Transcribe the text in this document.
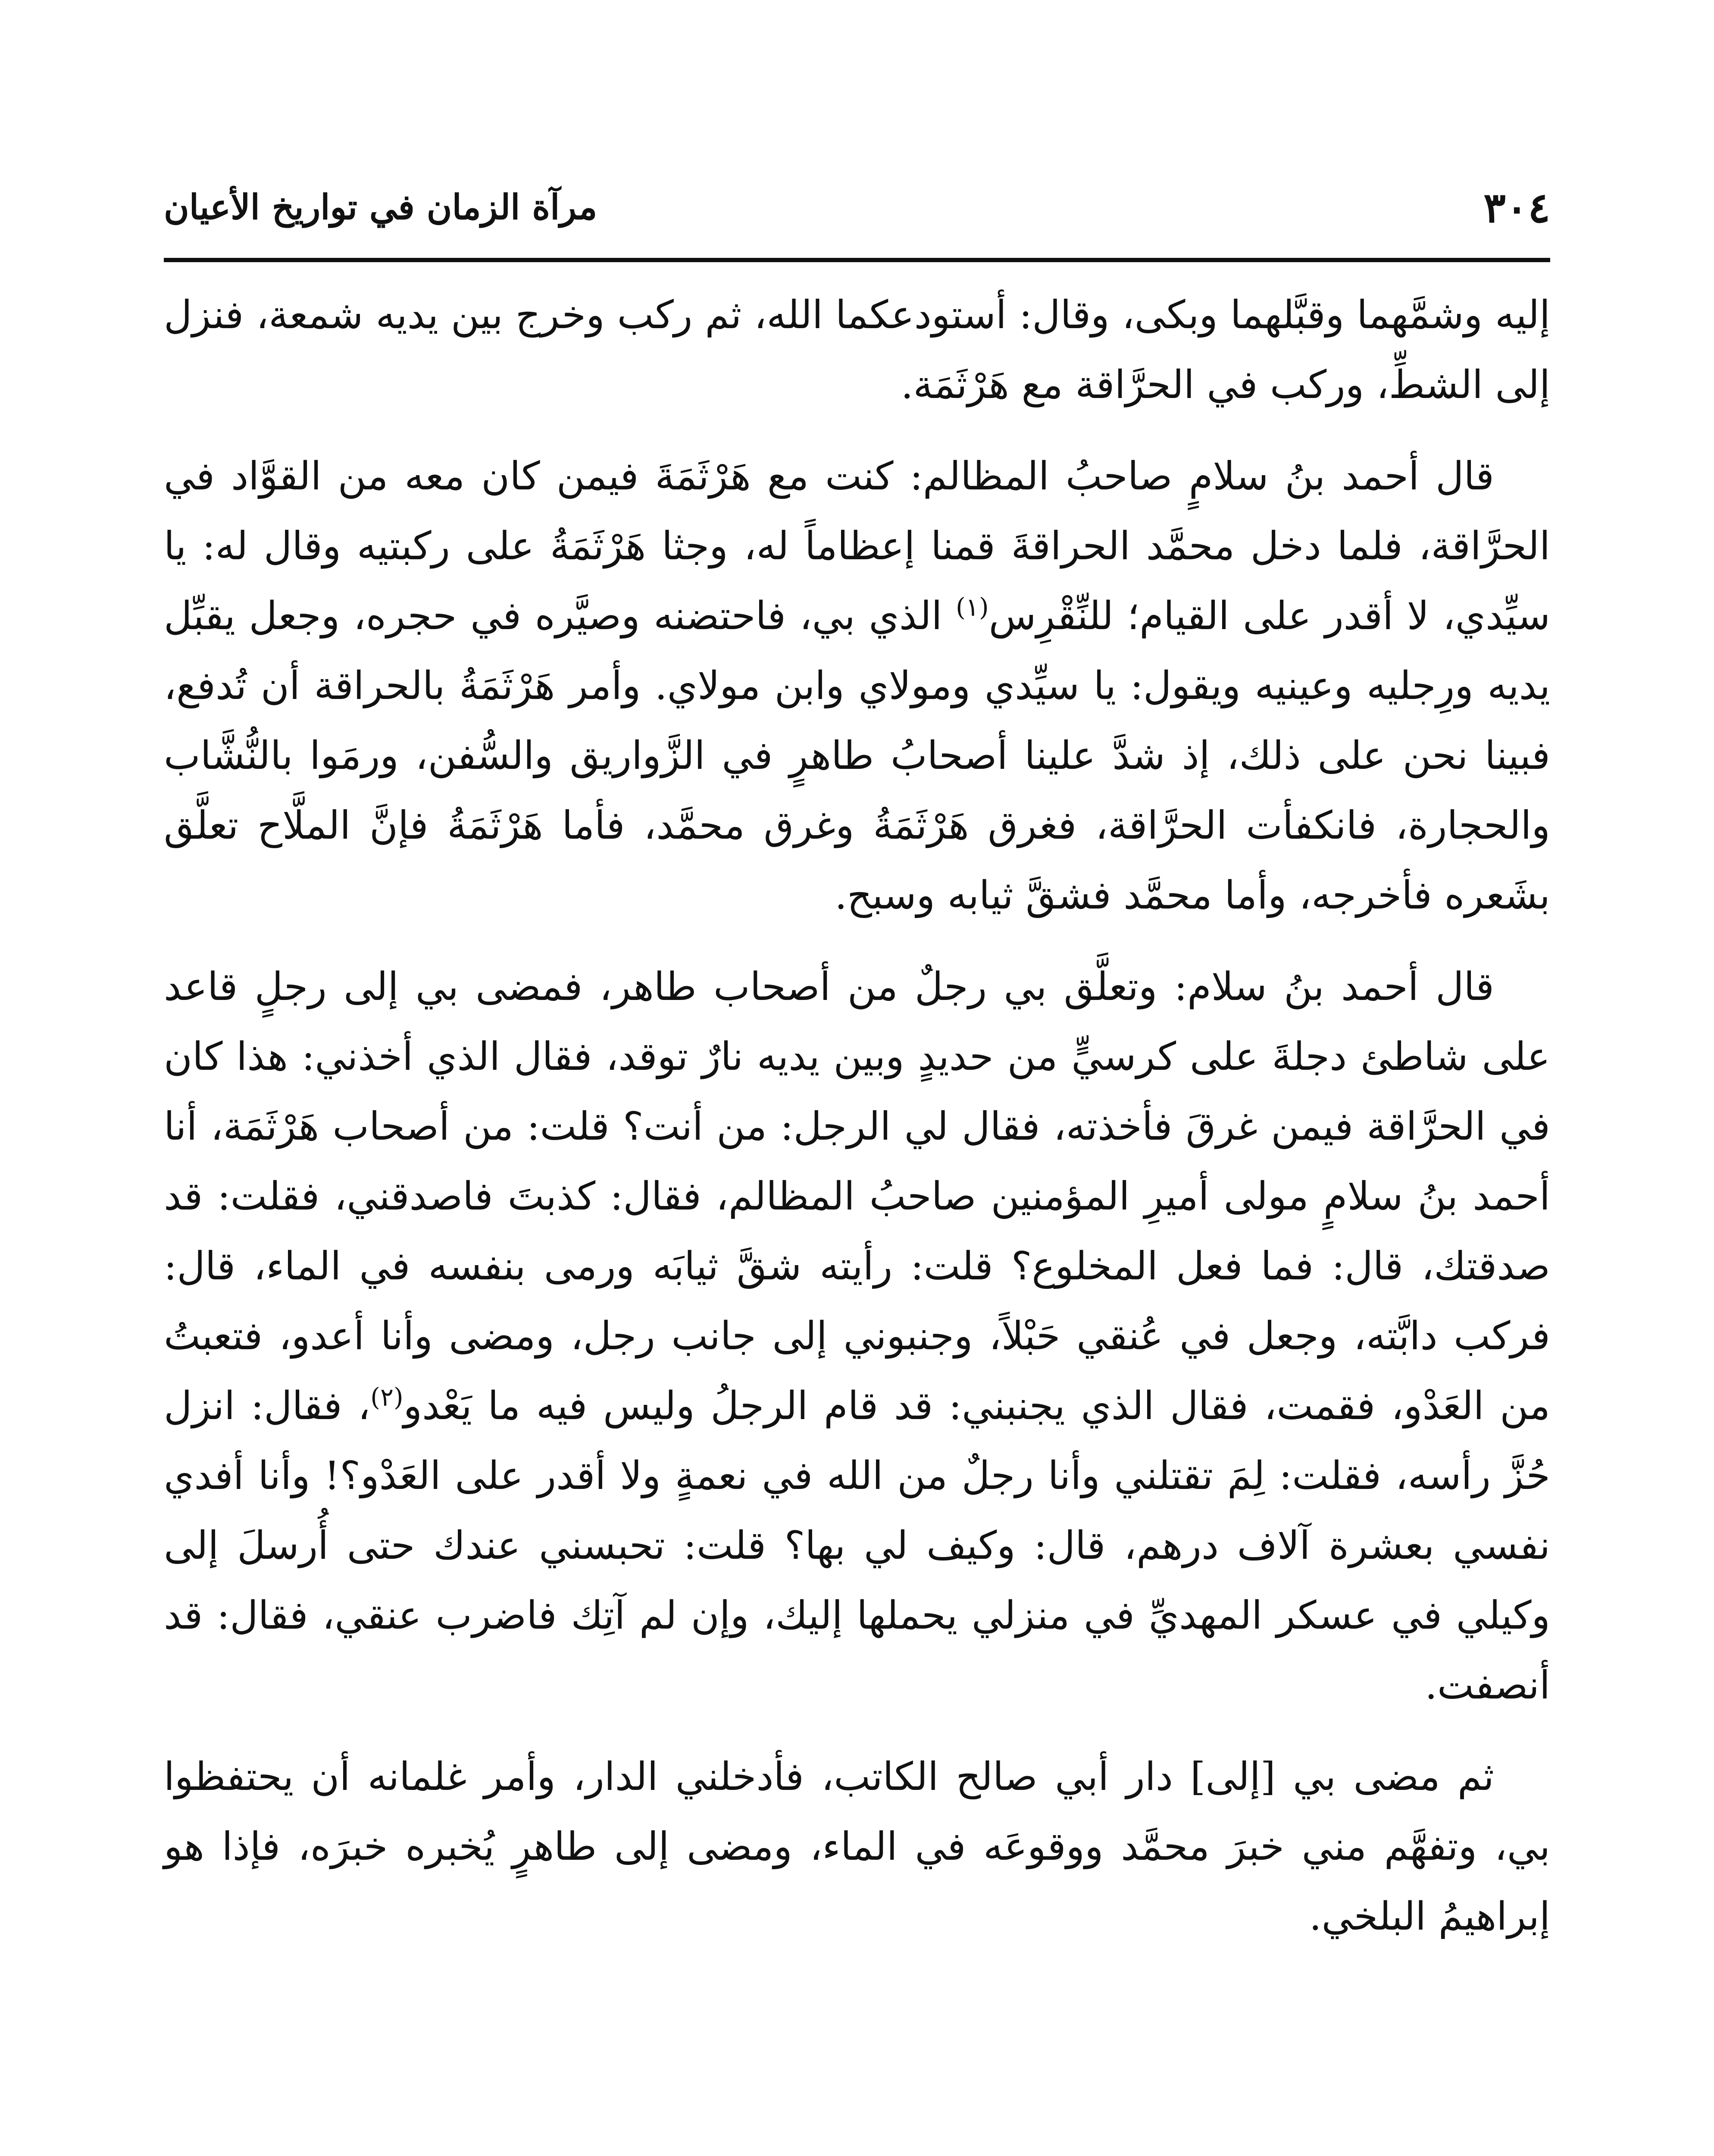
٣٠٤
مرآة الزمان في تواريخ الأعيان

إليه وشمَّهما وقبَّلهما وبكى، وقال: أستودعكما الله، ثم ركب وخرج بين يديه شمعة، فنزل إلى الشطِّ، وركب في الحرَّاقة مع هَرْثَمَة.

قال أحمد بنُ سلامٍ صاحبُ المظالم: كنت مع هَرْثَمَةَ فيمن كان معه من القوَّاد في الحرَّاقة، فلما دخل محمَّد الحراقةَ قمنا إعظاماً له، وجثا هَرْثَمَةُ على ركبتيه وقال له: يا سيِّدي، لا أقدر على القيام؛ للنِّقْرِس$^{(١)}$ الذي بي، فاحتضنه وصيَّره في حجره، وجعل يقبِّل يديه ورِجليه وعينيه ويقول: يا سيِّدي ومولاي وابن مولاي. وأمر هَرْثَمَةُ بالحراقة أن تُدفع، فبينا نحن على ذلك، إذ شدَّ علينا أصحابُ طاهرٍ في الزَّواريق والسُّفن، ورمَوا بالنُّشَّاب والحجارة، فانكفأت الحرَّاقة، فغرق هَرْثَمَةُ وغرق محمَّد، فأما هَرْثَمَةُ فإنَّ الملَّاح تعلَّق بشَعره فأخرجه، وأما محمَّد فشقَّ ثيابه وسبح.

قال أحمد بنُ سلام: وتعلَّق بي رجلٌ من أصحاب طاهر، فمضى بي إلى رجلٍ قاعد على شاطئ دجلةَ على كرسيٍّ من حديدٍ وبين يديه نارٌ توقد، فقال الذي أخذني: هذا كان في الحرَّاقة فيمن غرقَ فأخذته، فقال لي الرجل: من أنت؟ قلت: من أصحاب هَرْثَمَة، أنا أحمد بنُ سلامٍ مولى أميرِ المؤمنين صاحبُ المظالم، فقال: كذبتَ فاصدقني، فقلت: قد صدقتك، قال: فما فعل المخلوع؟ قلت: رأيته شقَّ ثيابَه ورمى بنفسه في الماء، قال: فركب دابَّته، وجعل في عُنقي حَبْلاً، وجنبوني إلى جانب رجل، ومضى وأنا أعدو، فتعبتُ من العَدْو، فقمت، فقال الذي يجنبني: قد قام الرجلُ وليس فيه ما يَعْدو$^{(٢)}$، فقال: انزل حُزَّ رأسه، فقلت: لِمَ تقتلني وأنا رجلٌ من الله في نعمةٍ ولا أقدر على العَدْو؟! وأنا أفدي نفسي بعشرة آلاف درهم، قال: وكيف لي بها؟ قلت: تحبسني عندك حتى أُرسلَ إلى وكيلي في عسكر المهديِّ في منزلي يحملها إليك، وإن لم آتِك فاضرب عنقي، فقال: قد أنصفت.

ثم مضى بي [إلى] دار أبي صالح الكاتب، فأدخلني الدار، وأمر غلمانه أن يحتفظوا بي، وتفهَّم مني خبرَ محمَّد ووقوعَه في الماء، ومضى إلى طاهرٍ يُخبره خبرَه، فإذا هو إبراهيمُ البلخي.
